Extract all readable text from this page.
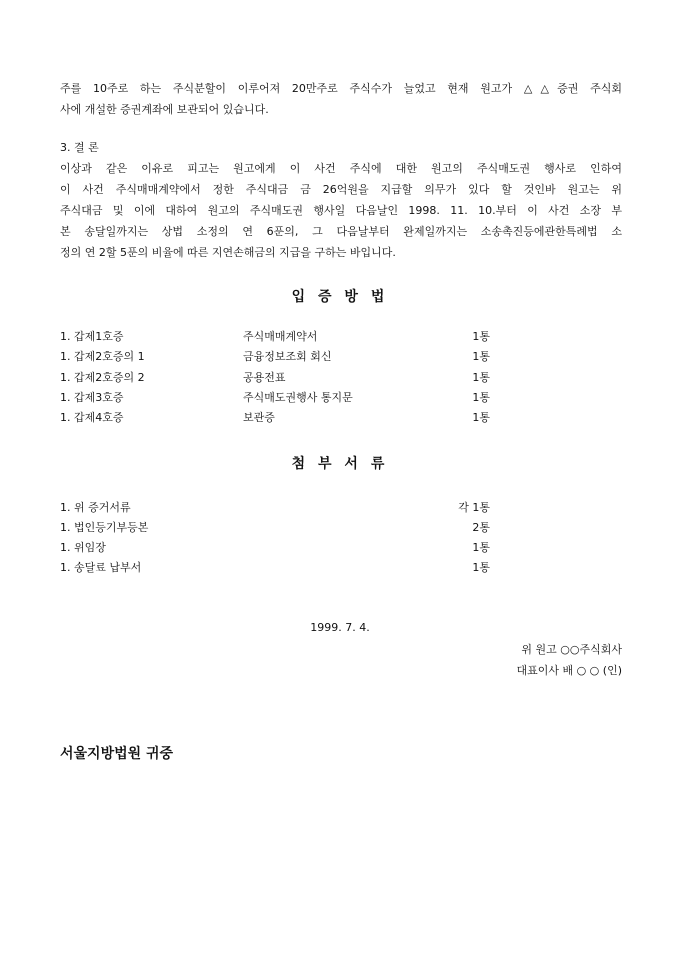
주를 10주로 하는 주식분할이 이루어져 20만주로 주식수가 늘었고 현재 원고가 △△증권 주식회
사에 개설한 증권계좌에 보관되어 있습니다.
3. 결 론
이상과 같은 이유로 피고는 원고에게 이 사건 주식에 대한 원고의 주식매도권 행사로 인하여
이 사건 주식매매계약에서 정한 주식대금 금 26억원을 지급할 의무가 있다 할 것인바 원고는 위
주식대금 및 이에 대하여 원고의 주식매도권 행사일 다음날인 1998. 11. 10.부터 이 사건 소장 부
본 송달일까지는 상법 소정의 연 6푼의, 그 다음날부터 완제일까지는 소송촉진등에관한특례법 소
정의 연 2할 5푼의 비율에 따른 지연손해금의 지급을 구하는 바입니다.
입 증 방 법
1. 갑제1호증	주식매매계약서	1통
1. 갑제2호증의 1	금융정보조회 회신	1통
1. 갑제2호증의 2	공용전표	1통
1. 갑제3호증	주식매도권행사 통지문	1통
1. 갑제4호증	보관증	1통
첨 부 서 류
1. 위 증거서류	각 1통
1. 법인등기부등본	2통
1. 위임장	1통
1. 송달료 납부서	1통
1999. 7. 4.
위 원고 ○○주식회사
대표이사 배 ○ ○ (인)
서울지방법원 귀중
